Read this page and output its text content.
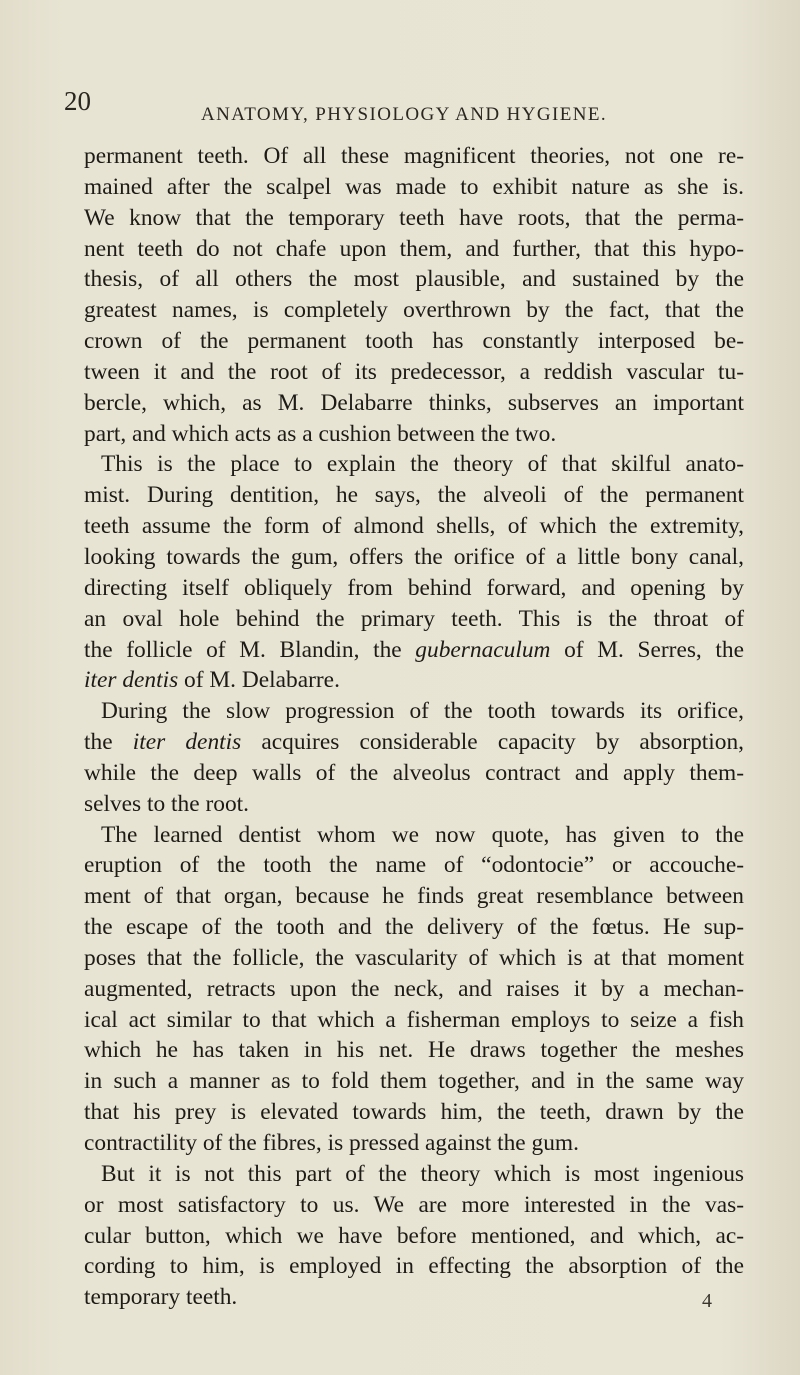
20	ANATOMY, PHYSIOLOGY AND HYGIENE.
permanent teeth. Of all these magnificent theories, not one re-
mained after the scalpel was made to exhibit nature as she is.
We know that the temporary teeth have roots, that the perma-
nent teeth do not chafe upon them, and further, that this hypo-
thesis, of all others the most plausible, and sustained by the
greatest names, is completely overthrown by the fact, that the
crown of the permanent tooth has constantly interposed be-
tween it and the root of its predecessor, a reddish vascular tu-
bercle, which, as M. Delabarre thinks, subserves an important
part, and which acts as a cushion between the two.
This is the place to explain the theory of that skilful anato-
mist. During dentition, he says, the alveoli of the permanent
teeth assume the form of almond shells, of which the extremity,
looking towards the gum, offers the orifice of a little bony canal,
directing itself obliquely from behind forward, and opening by
an oval hole behind the primary teeth. This is the throat of
the follicle of M. Blandin, the gubernaculum of M. Serres, the
iter dentis of M. Delabarre.
During the slow progression of the tooth towards its orifice,
the iter dentis acquires considerable capacity by absorption,
while the deep walls of the alveolus contract and apply them-
selves to the root.
The learned dentist whom we now quote, has given to the
eruption of the tooth the name of “odontocie” or accouche-
ment of that organ, because he finds great resemblance between
the escape of the tooth and the delivery of the fœtus. He sup-
poses that the follicle, the vascularity of which is at that moment
augmented, retracts upon the neck, and raises it by a mechan-
ical act similar to that which a fisherman employs to seize a fish
which he has taken in his net. He draws together the meshes
in such a manner as to fold them together, and in the same way
that his prey is elevated towards him, the teeth, drawn by the
contractility of the fibres, is pressed against the gum.
But it is not this part of the theory which is most ingenious
or most satisfactory to us. We are more interested in the vas-
cular button, which we have before mentioned, and which, ac-
cording to him, is employed in effecting the absorption of the
temporary teeth.	4
